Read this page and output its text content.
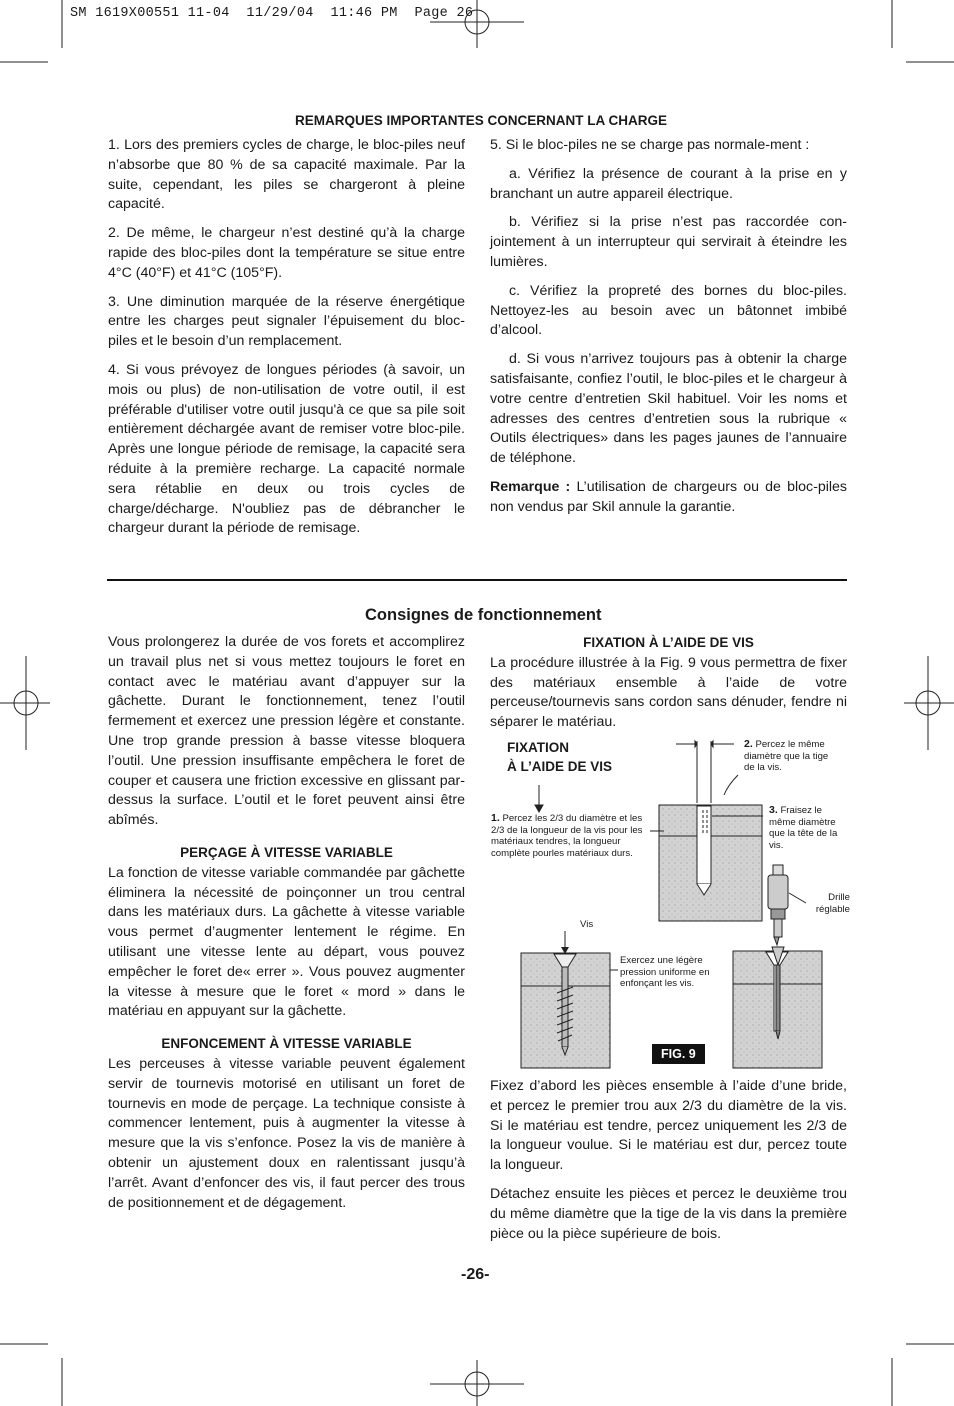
SM 1619X00551 11-04  11/29/04  11:46 PM  Page 26
REMARQUES IMPORTANTES CONCERNANT LA CHARGE

1. Lors des premiers cycles de charge, le bloc-piles neuf n’absorbe que 80 % de sa capacité maximale. Par la suite, cependant, les piles se chargeront à pleine capacité.

2. De même, le chargeur n’est destiné qu’à la charge rapide des bloc-piles dont la température se situe entre 4°C (40°F) et 41°C (105°F).

3. Une diminution marquée de la réserve énergétique entre les charges peut signaler l’épuisement du bloc-piles et le besoin d’un remplacement.

4. Si vous prévoyez de longues périodes (à savoir, un mois ou plus) de non-utilisation de votre outil, il est préférable d'utiliser votre outil jusqu'à ce que sa pile soit entièrement déchargée avant de remiser votre bloc-pile. Après une longue période de remisage, la capacité sera réduite à la première recharge. La capacité normale sera rétablie en deux ou trois cycles de charge/décharge. N'oubliez pas de débrancher le chargeur durant la période de remisage.

5. Si le bloc-piles ne se charge pas normale-ment :

a. Vérifiez la présence de courant à la prise en y branchant un autre appareil électrique.

b. Vérifiez si la prise n’est pas raccordée con-jointement à un interrupteur qui servirait à éteindre les lumières.

c. Vérifiez la propreté des bornes du bloc-piles. Nettoyez-les au besoin avec un bâtonnet imbibé d’alcool.

d. Si vous n’arrivez toujours pas à obtenir la charge satisfaisante, confiez l’outil, le bloc-piles et le chargeur à votre centre d’entretien Skil habituel. Voir les noms et adresses des centres d’entretien sous la rubrique « Outils électriques» dans les pages jaunes de l’annuaire de téléphone.

Remarque : L’utilisation de chargeurs ou de bloc-piles non vendus par Skil annule la garantie.

Consignes de fonctionnement

Vous prolongerez la durée de vos forets et accomplirez un travail plus net si vous mettez toujours le foret en contact avec le matériau avant d’appuyer sur la gâchette. Durant le fonctionnement, tenez l’outil fermement et exercez une pression légère et constante. Une trop grande pression à basse vitesse bloquera l’outil. Une pression insuffisante empêchera le foret de couper et causera une friction excessive en glissant par-dessus la surface. L’outil et le foret peuvent ainsi être abîmés.

PERÇAGE À VITESSE VARIABLE

La fonction de vitesse variable commandée par gâchette éliminera la nécessité de poinçonner un trou central dans les matériaux durs. La gâchette à vitesse variable vous permet d’augmenter lentement le régime. En utilisant une vitesse lente au départ, vous pouvez empêcher le foret de« errer ». Vous pouvez augmenter la vitesse à mesure que le foret « mord » dans le matériau en appuyant sur la gâchette.

ENFONCEMENT À VITESSE VARIABLE

Les perceuses à vitesse variable peuvent également servir de tournevis motorisé en utilisant un foret de tournevis en mode de perçage. La technique consiste à commencer lentement, puis à augmenter la vitesse à mesure que la vis s’enfonce. Posez la vis de manière à obtenir un ajustement doux en ralentissant jusqu’à l’arrêt. Avant d’enfoncer des vis, il faut percer des trous de positionnement et de dégagement.

FIXATION À L’AIDE DE VIS

La procédure illustrée à la Fig. 9 vous permettra de fixer des matériaux ensemble à l’aide de votre perceuse/tournevis sans cordon sans dénuder, fendre ni séparer le matériau.

FIXATION
À L’AIDE DE VIS
1. Percez les 2/3 du diamètre et les 2/3 de la longueur de la vis pour les matériaux tendres, la longueur complète pourles matériaux durs.
2. Percez le même diamètre que la tige de la vis.
3. Fraisez le même diamètre que la tête de la vis.
Vis
Exercez une légère pression uniforme en enfonçant les vis.
Drille réglable
FIG. 9

Fixez d’abord les pièces ensemble à l’aide d’une bride, et percez le premier trou aux 2/3 du diamètre de la vis. Si le matériau est tendre, percez uniquement les 2/3 de la longueur voulue. Si le matériau est dur, percez toute la longueur.

Détachez ensuite les pièces et percez le deuxième trou du même diamètre que la tige de la vis dans la première pièce ou la pièce supérieure de bois.

-26-
